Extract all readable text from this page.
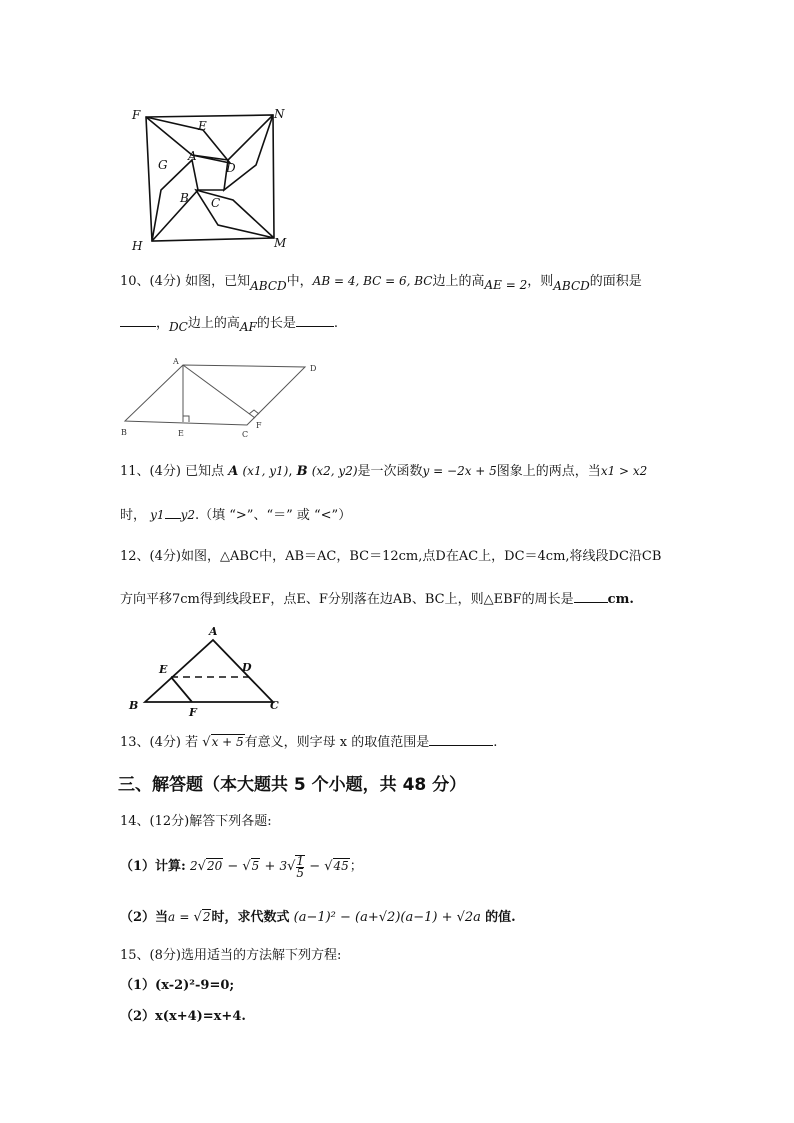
F	N
E
G
A
D
B C
H	M
10、(4分) 如图，已知ABCD中，AB = 4, BC = 6, BC边上的高AE = 2，则ABCD的面积是
，DC边上的高AF的长是	.
A
D
B	E	C
F
11、(4分) 已知点 A (x1, y1), B (x2, y2)是一次函数y = −2x + 5图象上的两点，当x1 > x2
时， y1 y2.（填 “>”、“＝” 或 “<”）
12、(4分)如图，△ABC中，AB＝AC，BC＝12cm,点D在AC上，DC＝4cm,将线段DC沿CB
方向平移7cm得到线段EF，点E、F分别落在边AB、BC上，则△EBF的周长是	cm.
A
E	D
B
F
C
13、(4分) 若 √x + 5有意义，则字母 x 的取值范围是	.
三、解答题（本大题共 5 个小题，共 48 分）
14、(12分)解答下列各题:
（1）计算: $2√20 - √5 + 3√ \frac{1}{5} - √45$；
（2）当a = √2时，求代数式 (a−1)² − (a+√2)(a−1) + √2a 的值.
15、(8分)选用适当的方法解下列方程:
（1）(x-2)²-9=0;
（2）x(x+4)=x+4.
